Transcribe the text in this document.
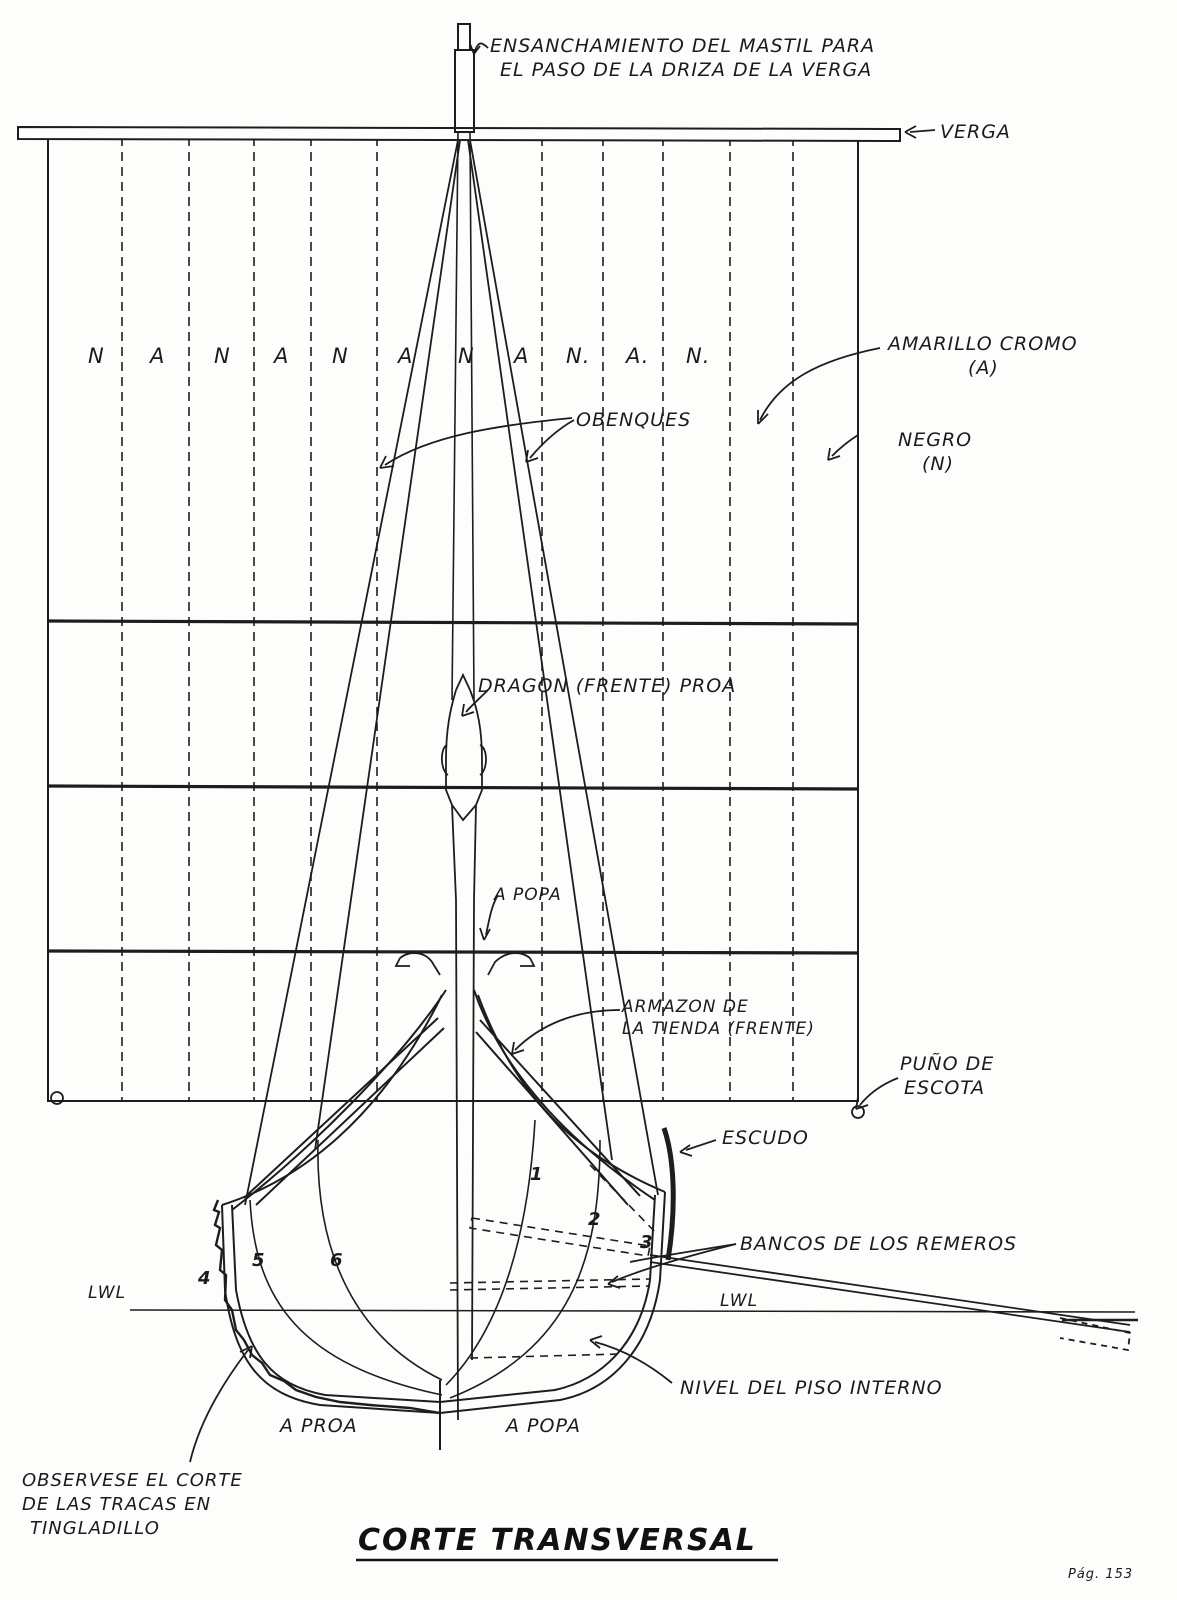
ENSANCHAMIENTO DEL MASTIL PARA
EL PASO DE LA DRIZA DE LA VERGA
VERGA
N A N A N A N A N. A. N.	AMARILLO CROMO
(A)
OBENQUES
NEGRO
(N)
DRAGON (FRENTE) PROA
A POPA
ARMAZON DE
LA TIENDA (FRENTE)
PUÑO DE
ESCOTA
ESCUDO
BANCOS DE LOS REMEROS
LWL	LWL
NIVEL DEL PISO INTERNO
A PROA	A POPA
OBSERVESE EL CORTE
DE LAS TRACAS EN
TINGLADILLO
1
2
3
4
5	6
CORTE TRANSVERSAL
Pág. 153
